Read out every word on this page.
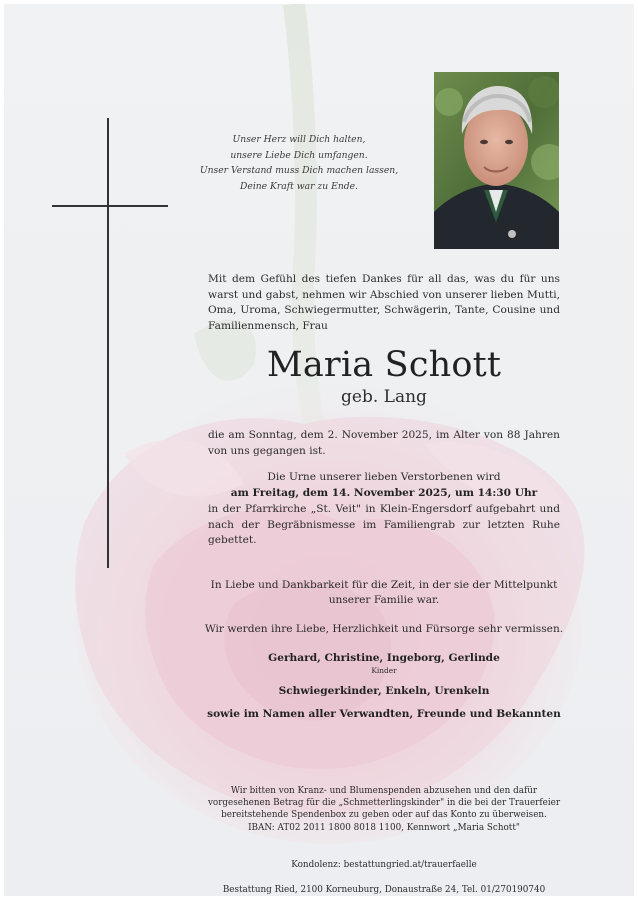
Unser Herz will Dich halten,
unsere Liebe Dich umfangen.
Unser Verstand muss Dich machen lassen,
Deine Kraft war zu Ende.
Mit dem Gefühl des tiefen Dankes für all das, was du für uns warst und gabst, nehmen wir Abschied von unserer lieben Mutti, Oma, Uroma, Schwiegermutter, Schwägerin, Tante, Cousine und Familienmensch, Frau
Maria Schott
geb. Lang
die am Sonntag, dem 2. November 2025, im Alter von 88 Jahren von uns gegangen ist.
Die Urne unserer lieben Verstorbenen wird
am Freitag, dem 14. November 2025, um 14:30 Uhr
in der Pfarrkirche „St. Veit" in Klein-Engersdorf aufgebahrt und nach der Begräbnismesse im Familiengrab zur letzten Ruhe gebettet.
In Liebe und Dankbarkeit für die Zeit, in der sie der Mittelpunkt
unserer Familie war.
Wir werden ihre Liebe, Herzlichkeit und Fürsorge sehr vermissen.
Gerhard, Christine, Ingeborg, Gerlinde
Kinder
Schwiegerkinder, Enkeln, Urenkeln
sowie im Namen aller Verwandten, Freunde und Bekannten
Wir bitten von Kranz- und Blumenspenden abzusehen und den dafür
vorgesehenen Betrag für die „Schmetterlingskinder" in die bei der Trauerfeier
bereitstehende Spendenbox zu geben oder auf das Konto zu überweisen.
IBAN: AT02 2011 1800 8018 1100, Kennwort „Maria Schott"
Kondolenz: bestattungried.at/trauerfaelle
Bestattung Ried, 2100 Korneuburg, Donaustraße 24, Tel. 01/270190740
